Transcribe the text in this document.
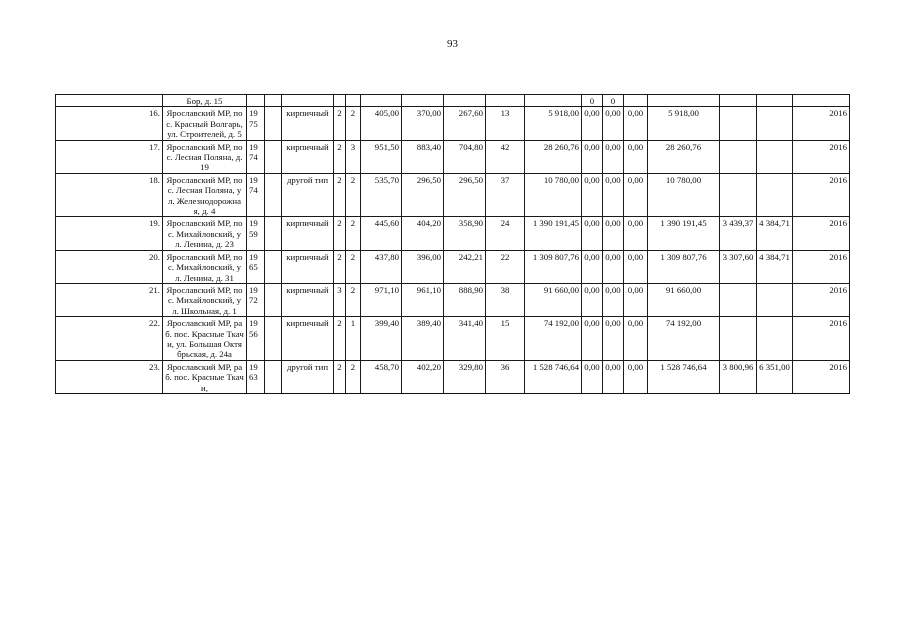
93
	Бор, д. 15											0	0					
16.	Ярославский МР, пос. Красный Волгарь, ул. Строителей, д. 5	1975		кирпичный	2	2	405,00	370,00	267,60	13	5 918,00	0,00	0,00	0,00	5 918,00			2016
17.	Ярославский МР, пос. Лесная Поляна, д. 19	1974		кирпичный	2	3	951,50	883,40	704,80	42	28 260,76	0,00	0,00	0,00	28 260,76			2016
18.	Ярославский МР, пос. Лесная Поляна, ул. Железнодорожная, д. 4	1974		другой тип	2	2	535,70	296,50	296,50	37	10 780,00	0,00	0,00	0,00	10 780,00			2016
19.	Ярославский МР, пос. Михайловский, ул. Ленина, д. 23	1959		кирпичный	2	2	445,60	404,20	358,90	24	1 390 191,45	0,00	0,00	0,00	1 390 191,45	3 439,37	4 384,71	2016
20.	Ярославский МР, пос. Михайловский, ул. Ленина, д. 31	1965		кирпичный	2	2	437,80	396,00	242,21	22	1 309 807,76	0,00	0,00	0,00	1 309 807,76	3 307,60	4 384,71	2016
21.	Ярославский МР, пос. Михайловский, ул. Школьная, д. 1	1972		кирпичный	3	2	971,10	961,10	888,90	38	91 660,00	0,00	0,00	0,00	91 660,00			2016
22.	Ярославский МР, раб. пос. Красные Ткачи, ул. Большая Октябрьская, д. 24а	1956		кирпичный	2	1	399,40	389,40	341,40	15	74 192,00	0,00	0,00	0,00	74 192,00			2016
23.	Ярославский МР, раб. пос. Красные Ткачи,	1963		другой тип	2	2	458,70	402,20	329,80	36	1 528 746,64	0,00	0,00	0,00	1 528 746,64	3 800,96	6 351,00	2016
